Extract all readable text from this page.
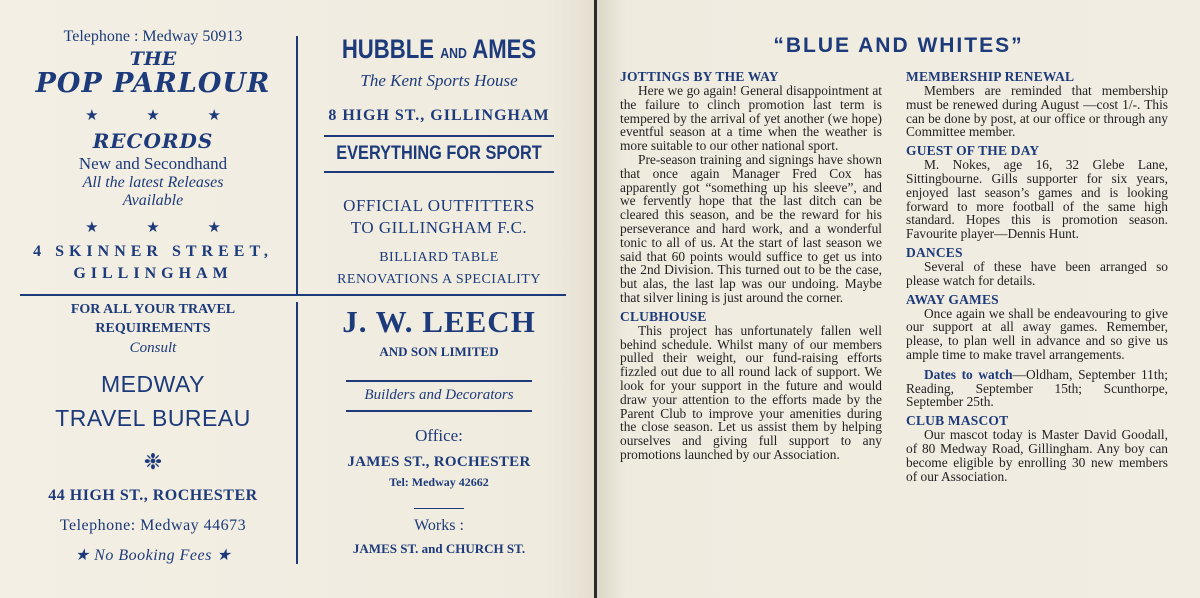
Telephone : Medway 50913
THE
POP PARLOUR
★ ★ ★
RECORDS
New and Secondhand
All the latest Releases
Available
★ ★ ★
4 SKINNER STREET,
GILLINGHAM
HUBBLE AND AMES
The Kent Sports House
8 HIGH ST., GILLINGHAM
EVERYTHING FOR SPORT
OFFICIAL OUTFITTERS
TO GILLINGHAM F.C.
BILLIARD TABLE
RENOVATIONS A SPECIALITY
FOR ALL YOUR TRAVEL
REQUIREMENTS
Consult
MEDWAY
TRAVEL BUREAU
❉
44 HIGH ST., ROCHESTER
Telephone: Medway 44673
★ No Booking Fees ★
J. W. LEECH
AND SON LIMITED
Builders and Decorators
Office:
JAMES ST., ROCHESTER
Tel: Medway 42662
Works :
JAMES ST. and CHURCH ST.
“BLUE AND WHITES”
JOTTINGS BY THE WAY

Here we go again! General disappointment at the failure to clinch promotion last term is tempered by the arrival of yet another (we hope) eventful season at a time when the weather is more suitable to our other national sport.

Pre-season training and signings have shown that once again Manager Fred Cox has apparently got “something up his sleeve”, and we fervently hope that the last ditch can be cleared this season, and be the reward for his perseverance and hard work, and a wonderful tonic to all of us. At the start of last season we said that 60 points would suffice to get us into the 2nd Division. This turned out to be the case, but alas, the last lap was our undoing. Maybe that silver lining is just around the corner.

CLUBHOUSE

This project has unfortunately fallen well behind schedule. Whilst many of our members pulled their weight, our fund-raising efforts fizzled out due to all round lack of support. We look for your support in the future and would draw your attention to the efforts made by the Parent Club to improve your amenities during the close season. Let us assist them by helping ourselves and giving full support to any promotions launched by our Association.

MEMBERSHIP RENEWAL

Members are reminded that membership must be renewed during August —cost 1/-. This can be done by post, at our office or through any Committee member.

GUEST OF THE DAY

M. Nokes, age 16, 32 Glebe Lane, Sittingbourne. Gills supporter for six years, enjoyed last season’s games and is looking forward to more football of the same high standard. Hopes this is promotion season. Favourite player—Dennis Hunt.

DANCES

Several of these have been arranged so please watch for details.

AWAY GAMES

Once again we shall be endeavouring to give our support at all away games. Remember, please, to plan well in advance and so give us ample time to make travel arrangements.

Dates to watch—Oldham, September 11th; Reading, September 15th; Scunthorpe, September 25th.

CLUB MASCOT

Our mascot today is Master David Goodall, of 80 Medway Road, Gillingham. Any boy can become eligible by enrolling 30 new members of our Association.
